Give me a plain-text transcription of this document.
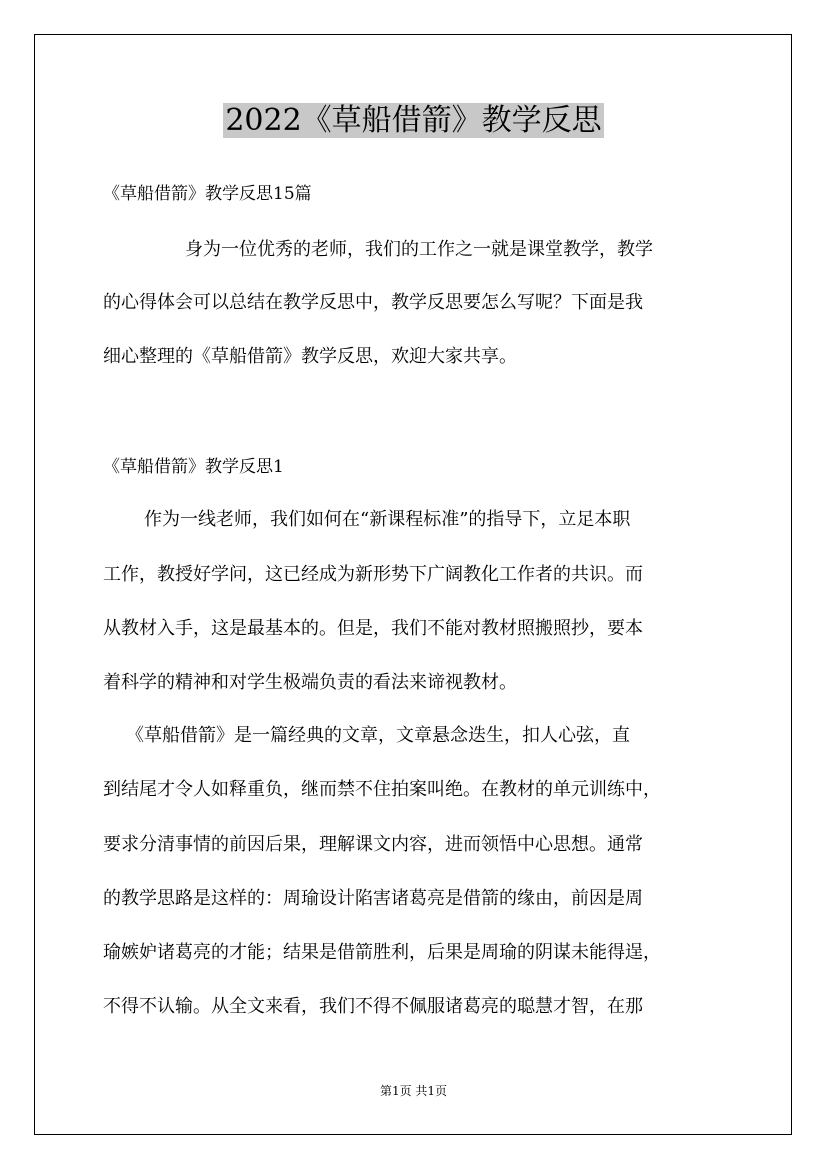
2022《草船借箭》教学反思
《草船借箭》教学反思15篇
身为一位优秀的老师，我们的工作之一就是课堂教学，教学
的心得体会可以总结在教学反思中，教学反思要怎么写呢？下面是我
细心整理的《草船借箭》教学反思，欢迎大家共享。
《草船借箭》教学反思1
作为一线老师，我们如何在“新课程标准”的指导下，立足本职
工作，教授好学问，这已经成为新形势下广阔教化工作者的共识。而
从教材入手，这是最基本的。但是，我们不能对教材照搬照抄，要本
着科学的精神和对学生极端负责的看法来谛视教材。
《草船借箭》是一篇经典的文章，文章悬念迭生，扣人心弦，直
到结尾才令人如释重负，继而禁不住拍案叫绝。在教材的单元训练中，
要求分清事情的前因后果，理解课文内容，进而领悟中心思想。通常
的教学思路是这样的：周瑜设计陷害诸葛亮是借箭的缘由，前因是周
瑜嫉妒诸葛亮的才能；结果是借箭胜利，后果是周瑜的阴谋未能得逞，
不得不认输。从全文来看，我们不得不佩服诸葛亮的聪慧才智，在那
第1页 共1页
